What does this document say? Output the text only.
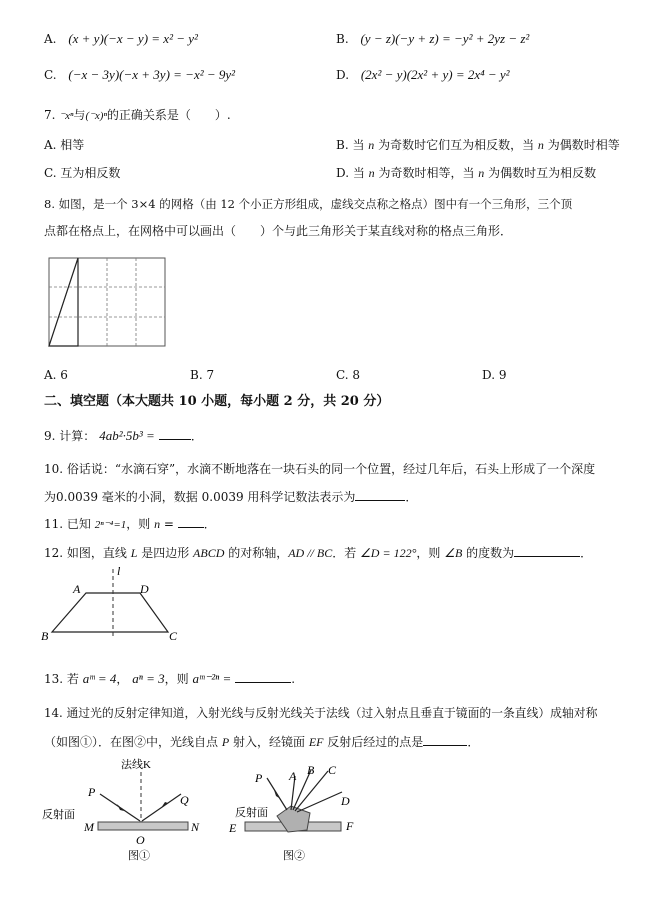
A. (x + y)(−x − y) = x² − y²	B. (y − z)(−y + z) = −y² + 2yz − z²
C. (−x − 3y)(−x + 3y) = −x² − 9y²	D. (2x² − y)(2x² + y) = 2x⁴ − y²
7. ⁻xⁿ与(⁻x)ⁿ的正确关系是（　　）.
A. 相等	B. 当 n 为奇数时它们互为相反数，当 n 为偶数时相等
C. 互为相反数	D. 当 n 为奇数时相等，当 n 为偶数时互为相反数
8. 如图，是一个 3×4 的网格（由 12 个小正方形组成，虚线交点称之格点）图中有一个三角形，三个顶
点都在格点上，在网格中可以画出（　　）个与此三角形关于某直线对称的格点三角形．
A. 6	B. 7	C. 8	D. 9
二、填空题（本大题共 10 小题，每小题 2 分，共 20 分）
9. 计算： 4ab²·5b³ =	．
10. 俗话说：“水滴石穿”，水滴不断地落在一块石头的同一个位置，经过几年后，石头上形成了一个深度
为0.0039 毫米的小洞，数据 0.0039 用科学记数法表示为	．
11. 已知 2ⁿ⁻⁴=1，则 n = ．
12. 如图，直线 L 是四边形 ABCD 的对称轴，AD // BC．若 ∠D = 122°，则 ∠B 的度数为	．
l
A	D
B	C
13. 若 aᵐ = 4， aⁿ = 3，则 aᵐ⁻²ⁿ =	.
14. 通过光的反射定律知道，入射光线与反射光线关于法线（过入射点且垂直于镜面的一条直线）成轴对称
（如图①）．在图②中，光线自点 P 射入，经镜面 EF 反射后经过的点是	．
法线K
P
Q
反射面
M	N
O
图①
P A B C
D
反射面
E	F
图②
